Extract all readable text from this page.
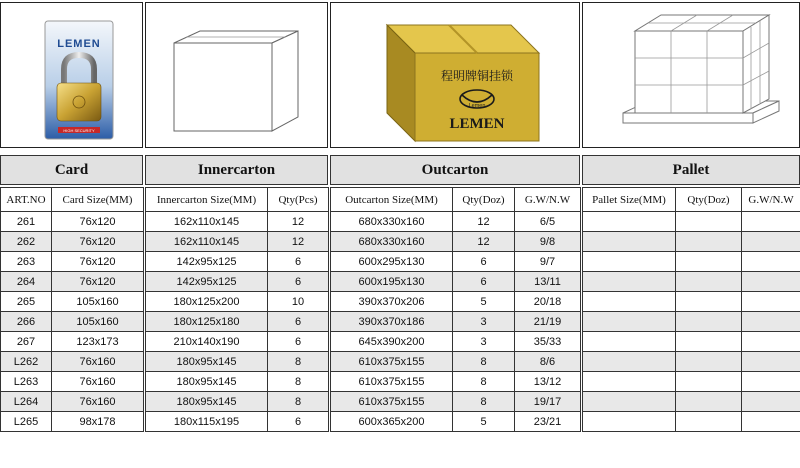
LEMEN
HIGH SECURITY
程明牌铜挂锁
Lemen
LEMEN
Card	Innercarton	Outcarton	Pallet
ART.NO	Card Size(MM)		Innercarton Size(MM)	Qty(Pcs)		Outcarton Size(MM)	Qty(Doz)	G.W/N.W		Pallet Size(MM)	Qty(Doz)	G.W/N.W
261	76x120		162x110x145	12		680x330x160	12	6/5				
262	76x120		162x110x145	12		680x330x160	12	9/8				
263	76x120		142x95x125	6		600x295x130	6	9/7				
264	76x120		142x95x125	6		600x195x130	6	13/11				
265	105x160		180x125x200	10		390x370x206	5	20/18				
266	105x160		180x125x180	6		390x370x186	3	21/19				
267	123x173		210x140x190	6		645x390x200	3	35/33				
L262	76x160		180x95x145	8		610x375x155	8	8/6				
L263	76x160		180x95x145	8		610x375x155	8	13/12				
L264	76x160		180x95x145	8		610x375x155	8	19/17				
L265	98x178		180x115x195	6		600x365x200	5	23/21				
